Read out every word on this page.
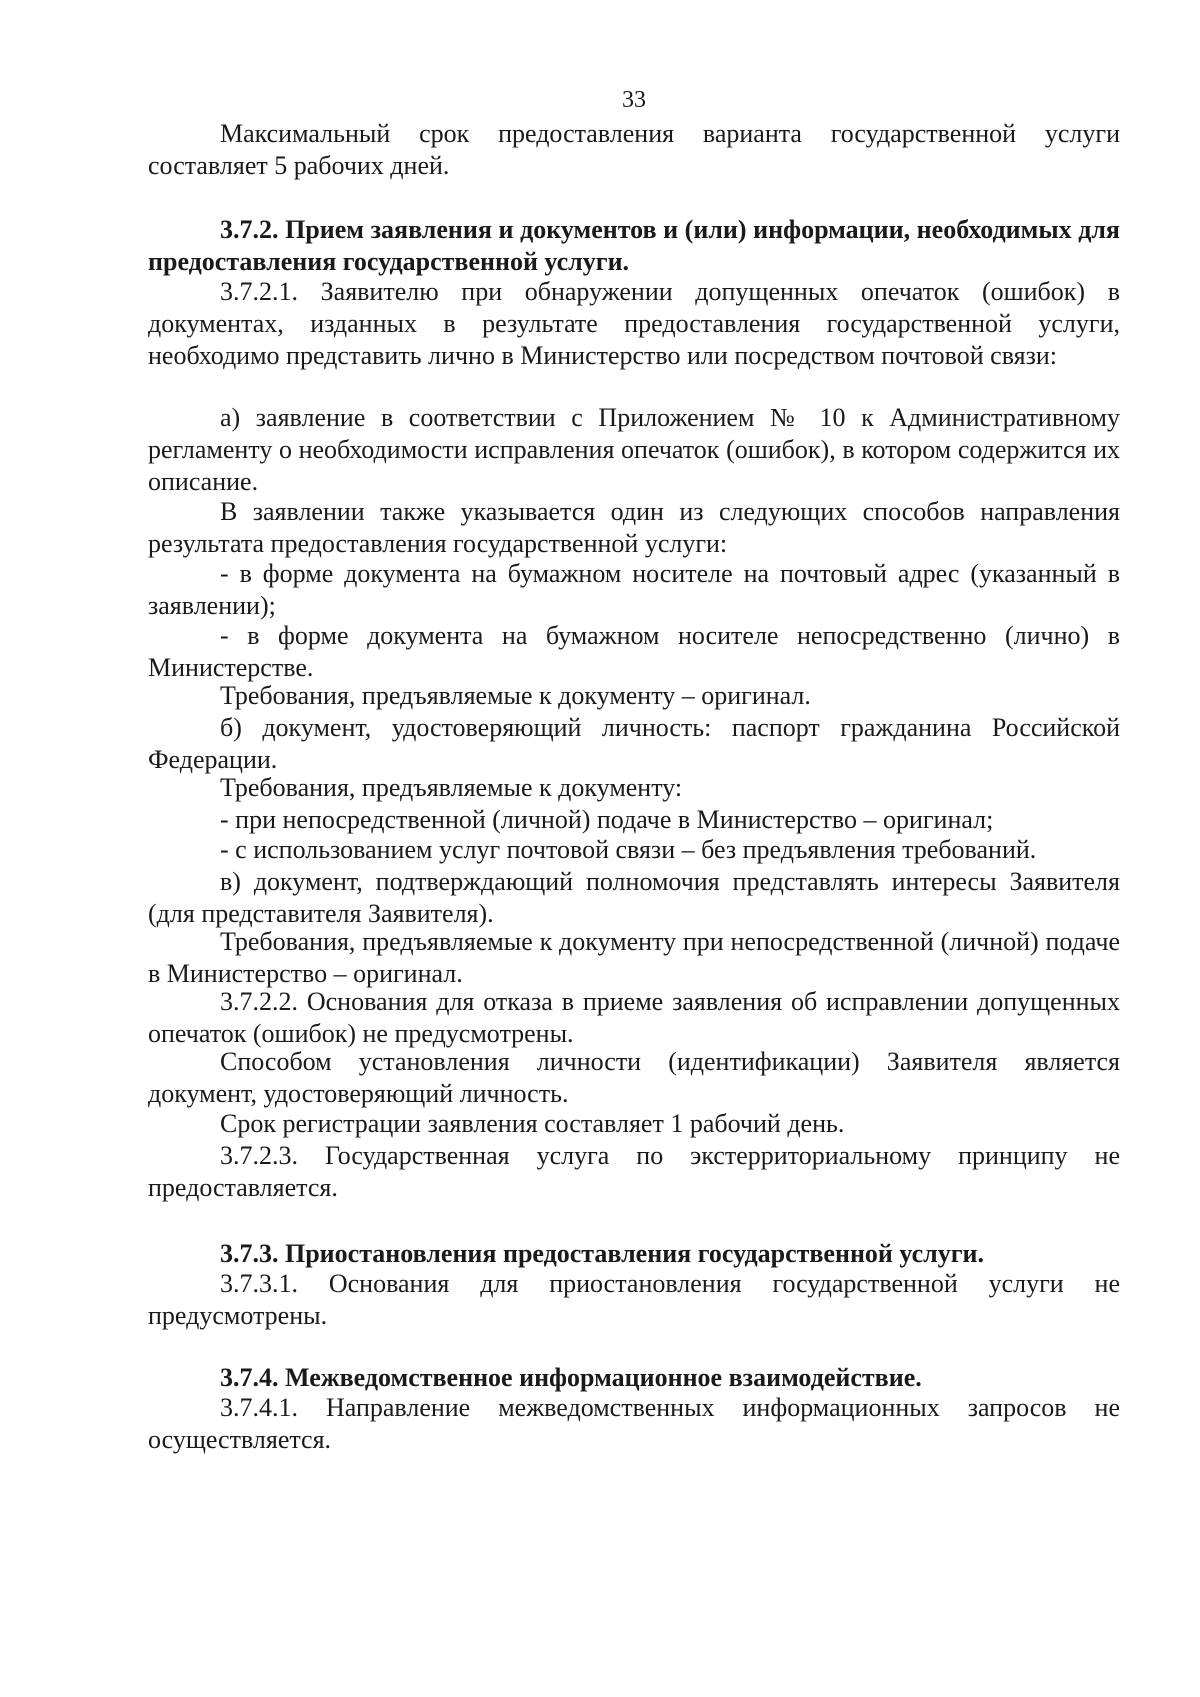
33
Максимальный срок предоставления варианта государственной услуги составляет 5 рабочих дней.
3.7.2. Прием заявления и документов и (или) информации, необходимых для предоставления государственной услуги.
3.7.2.1. Заявителю при обнаружении допущенных опечаток (ошибок) в документах, изданных в результате предоставления государственной услуги, необходимо представить лично в Министерство или посредством почтовой связи:
а) заявление в соответствии с Приложением № 10 к Административному регламенту о необходимости исправления опечаток (ошибок), в котором содержится их описание.
В заявлении также указывается один из следующих способов направления результата предоставления государственной услуги:
- в форме документа на бумажном носителе на почтовый адрес (указанный в заявлении);
- в форме документа на бумажном носителе непосредственно (лично) в Министерстве.
Требования, предъявляемые к документу – оригинал.
б) документ, удостоверяющий личность: паспорт гражданина Российской Федерации.
Требования, предъявляемые к документу:
- при непосредственной (личной) подаче в Министерство – оригинал;
- с использованием услуг почтовой связи – без предъявления требований.
в) документ, подтверждающий полномочия представлять интересы Заявителя (для представителя Заявителя).
Требования, предъявляемые к документу при непосредственной (личной) подаче в Министерство – оригинал.
3.7.2.2. Основания для отказа в приеме заявления об исправлении допущенных опечаток (ошибок) не предусмотрены.
Способом установления личности (идентификации) Заявителя является документ, удостоверяющий личность.
Срок регистрации заявления составляет 1 рабочий день.
3.7.2.3. Государственная услуга по экстерриториальному принципу не предоставляется.
3.7.3. Приостановления предоставления государственной услуги.
3.7.3.1. Основания для приостановления государственной услуги не предусмотрены.
3.7.4. Межведомственное информационное взаимодействие.
3.7.4.1. Направление межведомственных информационных запросов не осуществляется.
